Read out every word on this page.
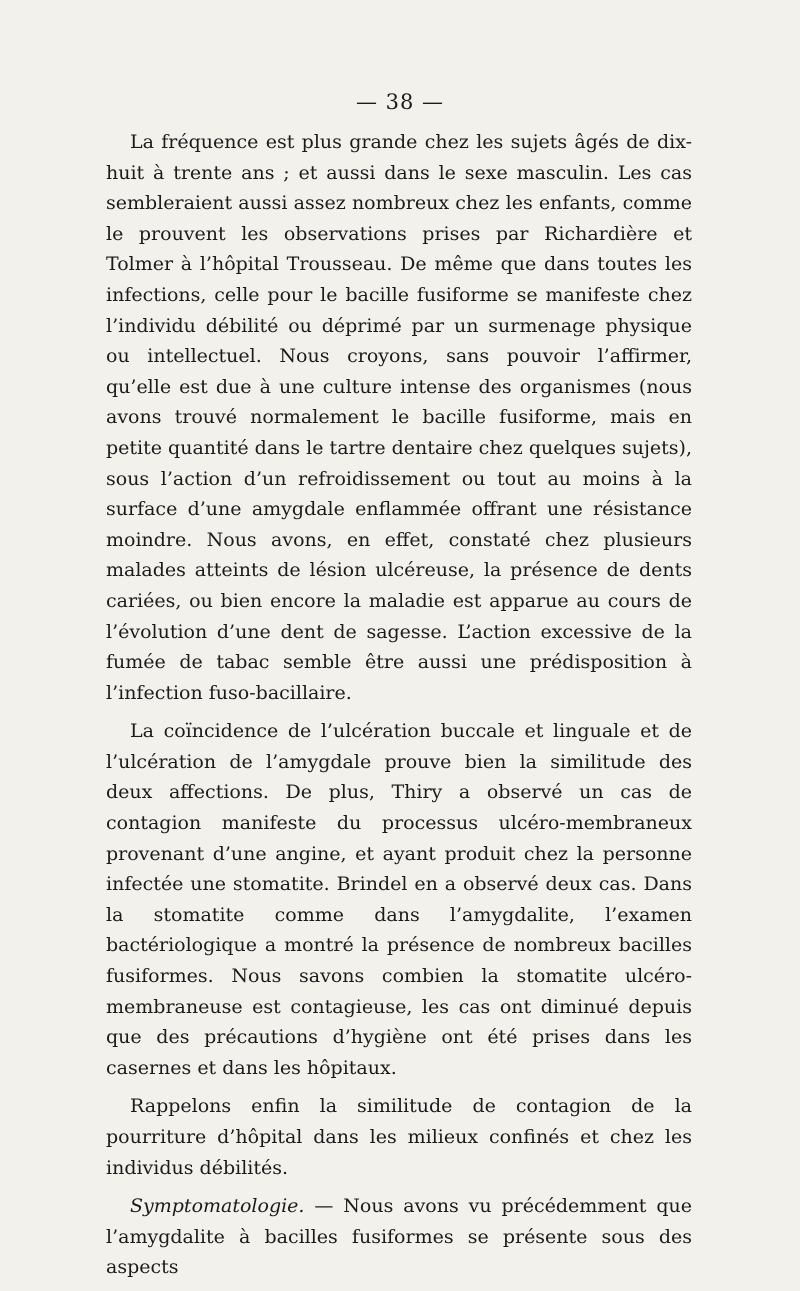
— 38 —

La fréquence est plus grande chez les sujets âgés de dix-huit à trente ans ; et aussi dans le sexe masculin. Les cas sembleraient aussi assez nombreux chez les enfants, comme le prouvent les observations prises par Richardière et Tolmer à l’hôpital Trousseau. De même que dans toutes les infections, celle pour le bacille fusiforme se manifeste chez l’individu débilité ou déprimé par un surmenage physique ou intellectuel. Nous croyons, sans pouvoir l’affirmer, qu’elle est due à une culture intense des organismes (nous avons trouvé normalement le bacille fusiforme, mais en petite quantité dans le tartre dentaire chez quelques sujets), sous l’action d’un refroidissement ou tout au moins à la surface d’une amygdale enflammée offrant une résistance moindre. Nous avons, en effet, constaté chez plusieurs malades atteints de lésion ulcéreuse, la présence de dents cariées, ou bien encore la maladie est apparue au cours de l’évolution d’une dent de sagesse. L’action excessive de la fumée de tabac semble être aussi une prédisposition à l’infection fuso-bacillaire.

La coïncidence de l’ulcération buccale et linguale et de l’ulcération de l’amygdale prouve bien la similitude des deux affections. De plus, Thiry a observé un cas de contagion manifeste du processus ulcéro-membraneux provenant d’une angine, et ayant produit chez la personne infectée une stomatite. Brindel en a observé deux cas. Dans la stomatite comme dans l’amygdalite, l’examen bactériologique a montré la présence de nombreux bacilles fusiformes. Nous savons combien la stomatite ulcéro-membraneuse est contagieuse, les cas ont diminué depuis que des précautions d’hygiène ont été prises dans les casernes et dans les hôpitaux.

Rappelons enfin la similitude de contagion de la pourriture d’hôpital dans les milieux confinés et chez les individus débilités.

Symptomatologie. — Nous avons vu précédemment que l’amygdalite à bacilles fusiformes se présente sous des aspects
